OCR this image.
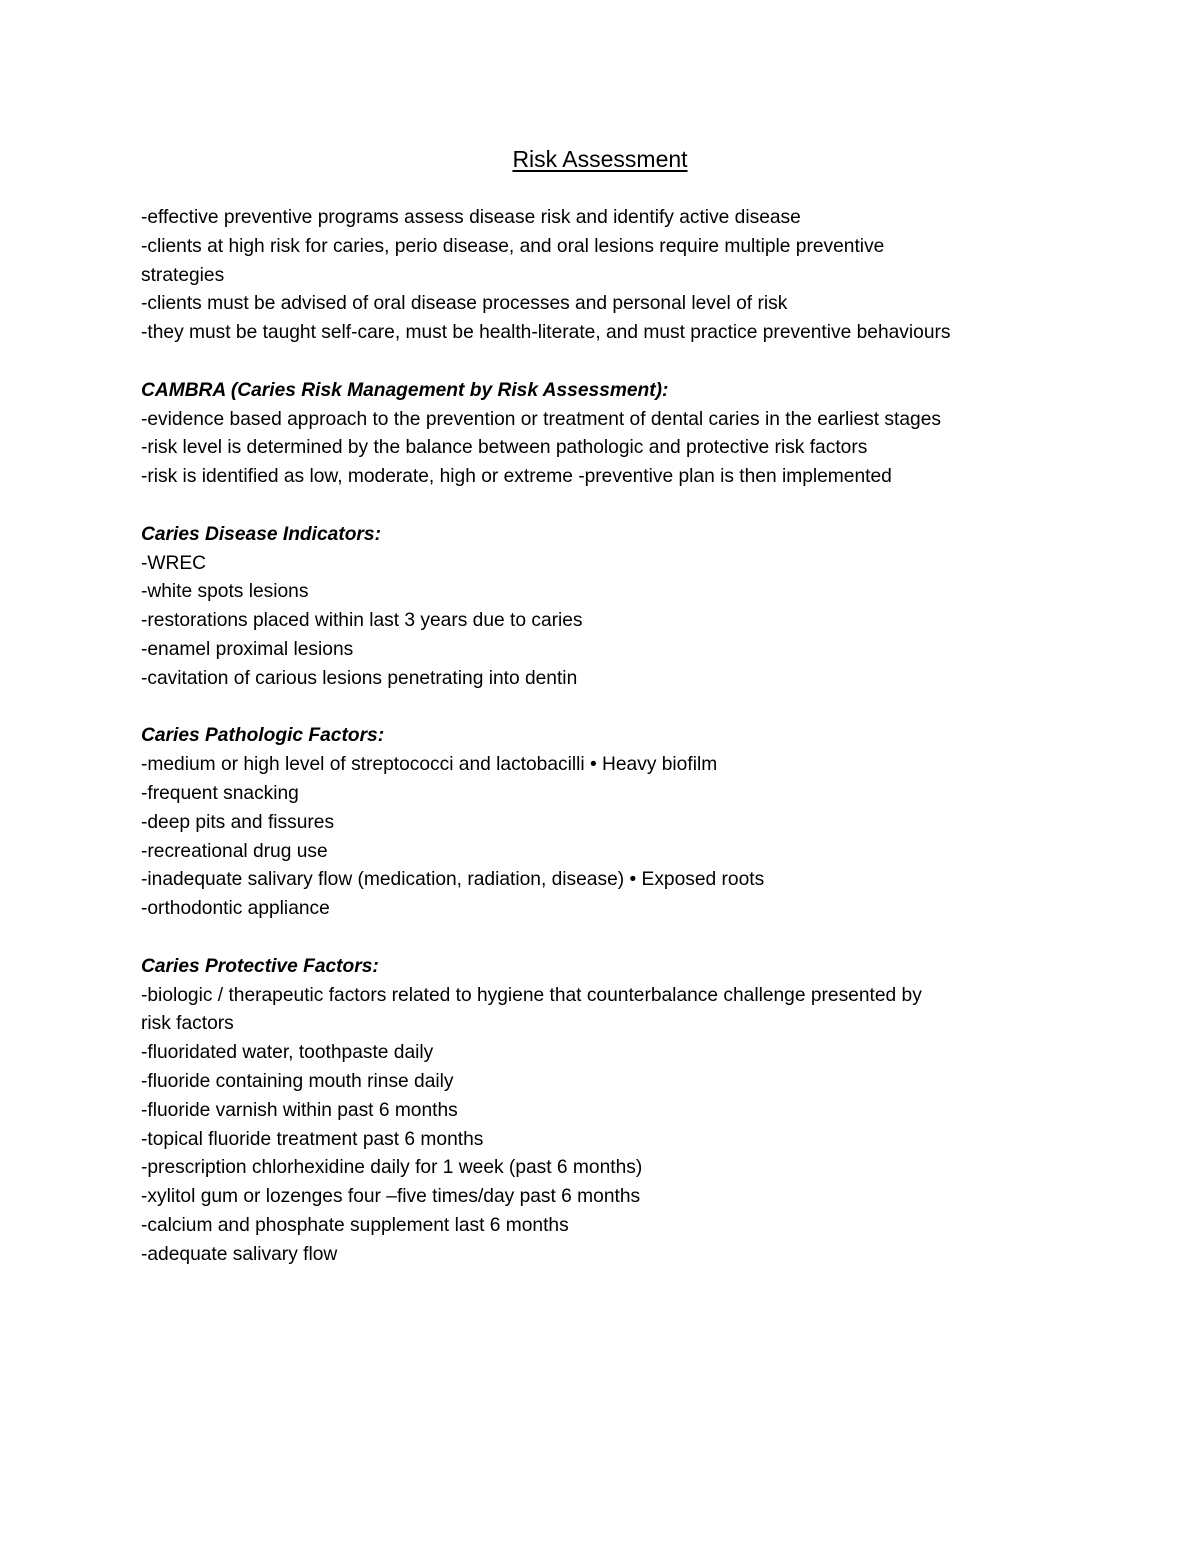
Risk Assessment
-effective preventive programs assess disease risk and identify active disease
-clients at high risk for caries, perio disease, and oral lesions require multiple preventive
strategies
-clients must be advised of oral disease processes and personal level of risk
-they must be taught self-care, must be health-literate, and must practice preventive behaviours
CAMBRA (Caries Risk Management by Risk Assessment):
-evidence based approach to the prevention or treatment of dental caries in the earliest stages
-risk level is determined by the balance between pathologic and protective risk factors
-risk is identified as low, moderate, high or extreme -preventive plan is then implemented
Caries Disease Indicators:
-WREC
-white spots lesions
-restorations placed within last 3 years due to caries
-enamel proximal lesions
-cavitation of carious lesions penetrating into dentin
Caries Pathologic Factors:
-medium or high level of streptococci and lactobacilli • Heavy biofilm
-frequent snacking
-deep pits and fissures
-recreational drug use
-inadequate salivary flow (medication, radiation, disease) • Exposed roots
-orthodontic appliance
Caries Protective Factors:
-biologic / therapeutic factors related to hygiene that counterbalance challenge presented by
risk factors
-fluoridated water, toothpaste daily
-fluoride containing mouth rinse daily
-fluoride varnish within past 6 months
-topical fluoride treatment past 6 months
-prescription chlorhexidine daily for 1 week (past 6 months)
-xylitol gum or lozenges four –five times/day past 6 months
-calcium and phosphate supplement last 6 months
-adequate salivary flow
